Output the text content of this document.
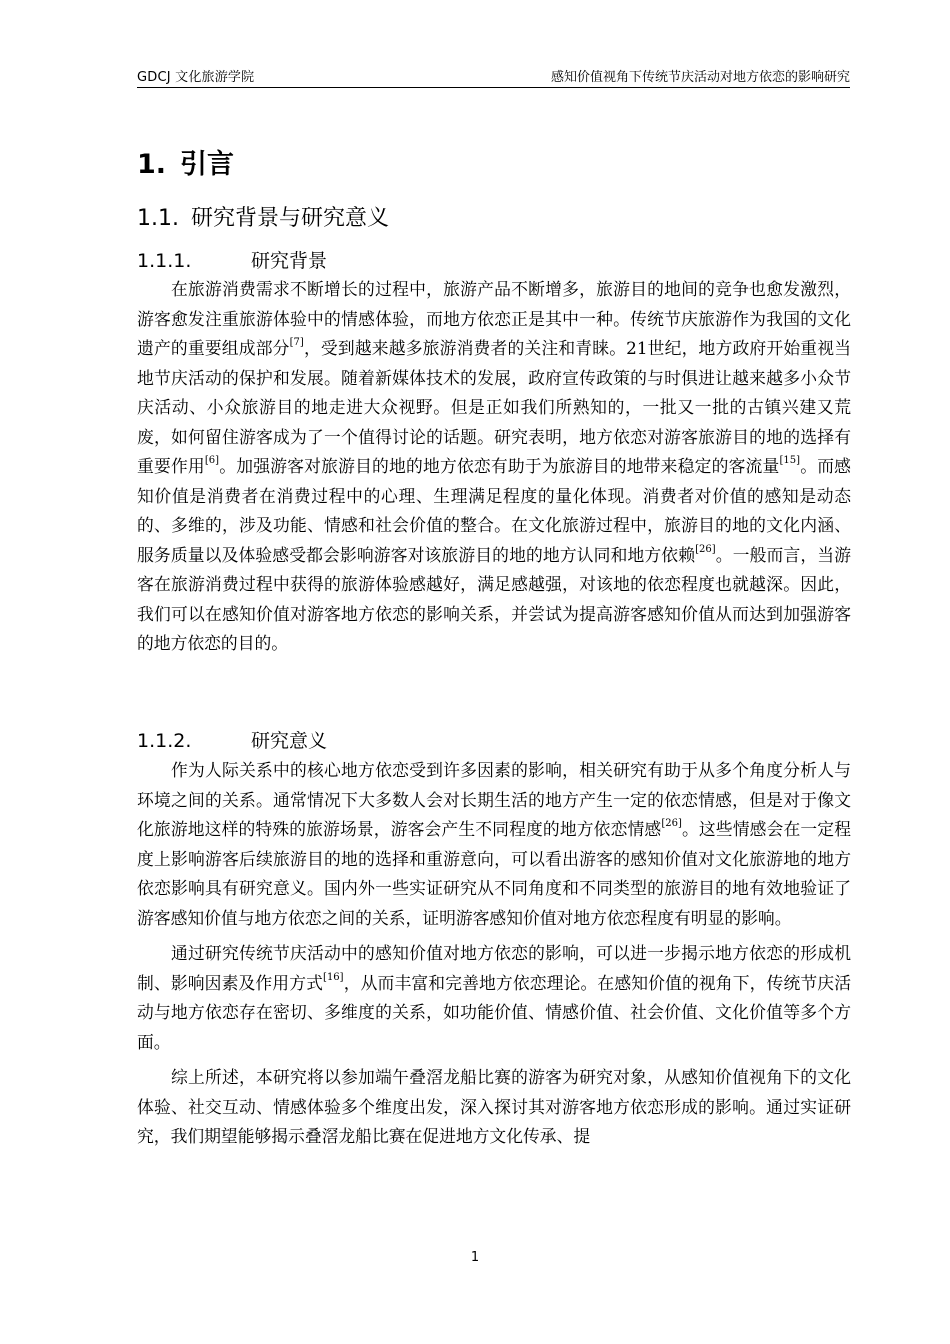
GDCJ 文化旅游学院	感知价值视角下传统节庆活动对地方依恋的影响研究
1. 引言
1.1. 研究背景与研究意义
1.1.1.	研究背景

在旅游消费需求不断增长的过程中，旅游产品不断增多，旅游目的地间的竞争也愈发激烈，游客愈发注重旅游体验中的情感体验，而地方依恋正是其中一种。传统节庆旅游作为我国的文化遗产的重要组成部分[7]，受到越来越多旅游消费者的关注和青睐。21世纪，地方政府开始重视当地节庆活动的保护和发展。随着新媒体技术的发展，政府宣传政策的与时俱进让越来越多小众节庆活动、小众旅游目的地走进大众视野。但是正如我们所熟知的，一批又一批的古镇兴建又荒废，如何留住游客成为了一个值得讨论的话题。研究表明，地方依恋对游客旅游目的地的选择有重要作用[6]。加强游客对旅游目的地的地方依恋有助于为旅游目的地带来稳定的客流量[15]。而感知价值是消费者在消费过程中的心理、生理满足程度的量化体现。消费者对价值的感知是动态的、多维的，涉及功能、情感和社会价值的整合。在文化旅游过程中，旅游目的地的文化内涵、服务质量以及体验感受都会影响游客对该旅游目的地的地方认同和地方依赖[26]。一般而言，当游客在旅游消费过程中获得的旅游体验感越好，满足感越强，对该地的依恋程度也就越深。因此，我们可以在感知价值对游客地方依恋的影响关系，并尝试为提高游客感知价值从而达到加强游客的地方依恋的目的。

1.1.2.	研究意义

作为人际关系中的核心地方依恋受到许多因素的影响，相关研究有助于从多个角度分析人与环境之间的关系。通常情况下大多数人会对长期生活的地方产生一定的依恋情感，但是对于像文化旅游地这样的特殊的旅游场景，游客会产生不同程度的地方依恋情感[26]。这些情感会在一定程度上影响游客后续旅游目的地的选择和重游意向，可以看出游客的感知价值对文化旅游地的地方依恋影响具有研究意义。国内外一些实证研究从不同角度和不同类型的旅游目的地有效地验证了游客感知价值与地方依恋之间的关系，证明游客感知价值对地方依恋程度有明显的影响。

通过研究传统节庆活动中的感知价值对地方依恋的影响，可以进一步揭示地方依恋的形成机制、影响因素及作用方式[16]，从而丰富和完善地方依恋理论。在感知价值的视角下，传统节庆活动与地方依恋存在密切、多维度的关系，如功能价值、情感价值、社会价值、文化价值等多个方面。

综上所述，本研究将以参加端午叠滘龙船比赛的游客为研究对象，从感知价值视角下的文化体验、社交互动、情感体验多个维度出发，深入探讨其对游客地方依恋形成的影响。通过实证研究，我们期望能够揭示叠滘龙船比赛在促进地方文化传承、提

1
